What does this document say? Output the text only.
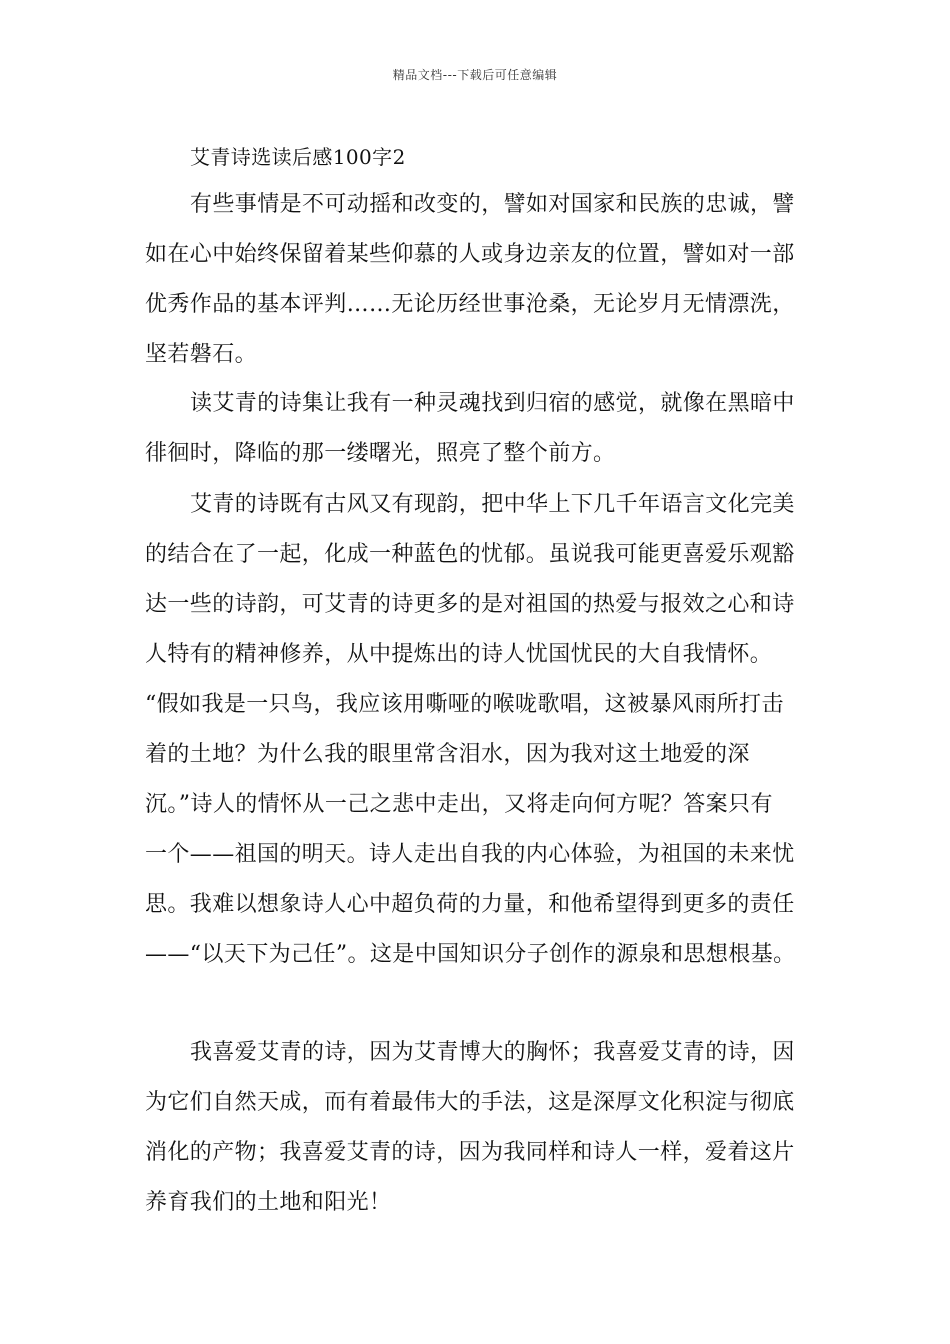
精品文档---下载后可任意编辑
艾青诗选读后感100字2
有些事情是不可动摇和改变的，譬如对国家和民族的忠诚，譬
如在心中始终保留着某些仰慕的人或身边亲友的位置，譬如对一部
优秀作品的基本评判……无论历经世事沧桑，无论岁月无情漂洗，
坚若磐石。
读艾青的诗集让我有一种灵魂找到归宿的感觉，就像在黑暗中
徘徊时，降临的那一缕曙光，照亮了整个前方。
艾青的诗既有古风又有现韵，把中华上下几千年语言文化完美
的结合在了一起，化成一种蓝色的忧郁。虽说我可能更喜爱乐观豁
达一些的诗韵，可艾青的诗更多的是对祖国的热爱与报效之心和诗
人特有的精神修养，从中提炼出的诗人忧国忧民的大自我情怀。
“假如我是一只鸟，我应该用嘶哑的喉咙歌唱，这被暴风雨所打击
着的土地？为什么我的眼里常含泪水，因为我对这土地爱的深
沉。”诗人的情怀从一己之悲中走出，又将走向何方呢？答案只有
一个——祖国的明天。诗人走出自我的内心体验，为祖国的未来忧
思。我难以想象诗人心中超负荷的力量，和他希望得到更多的责任
——“以天下为己任”。这是中国知识分子创作的源泉和思想根基。
我喜爱艾青的诗，因为艾青博大的胸怀；我喜爱艾青的诗，因
为它们自然天成，而有着最伟大的手法，这是深厚文化积淀与彻底
消化的产物；我喜爱艾青的诗，因为我同样和诗人一样，爱着这片
养育我们的土地和阳光！
